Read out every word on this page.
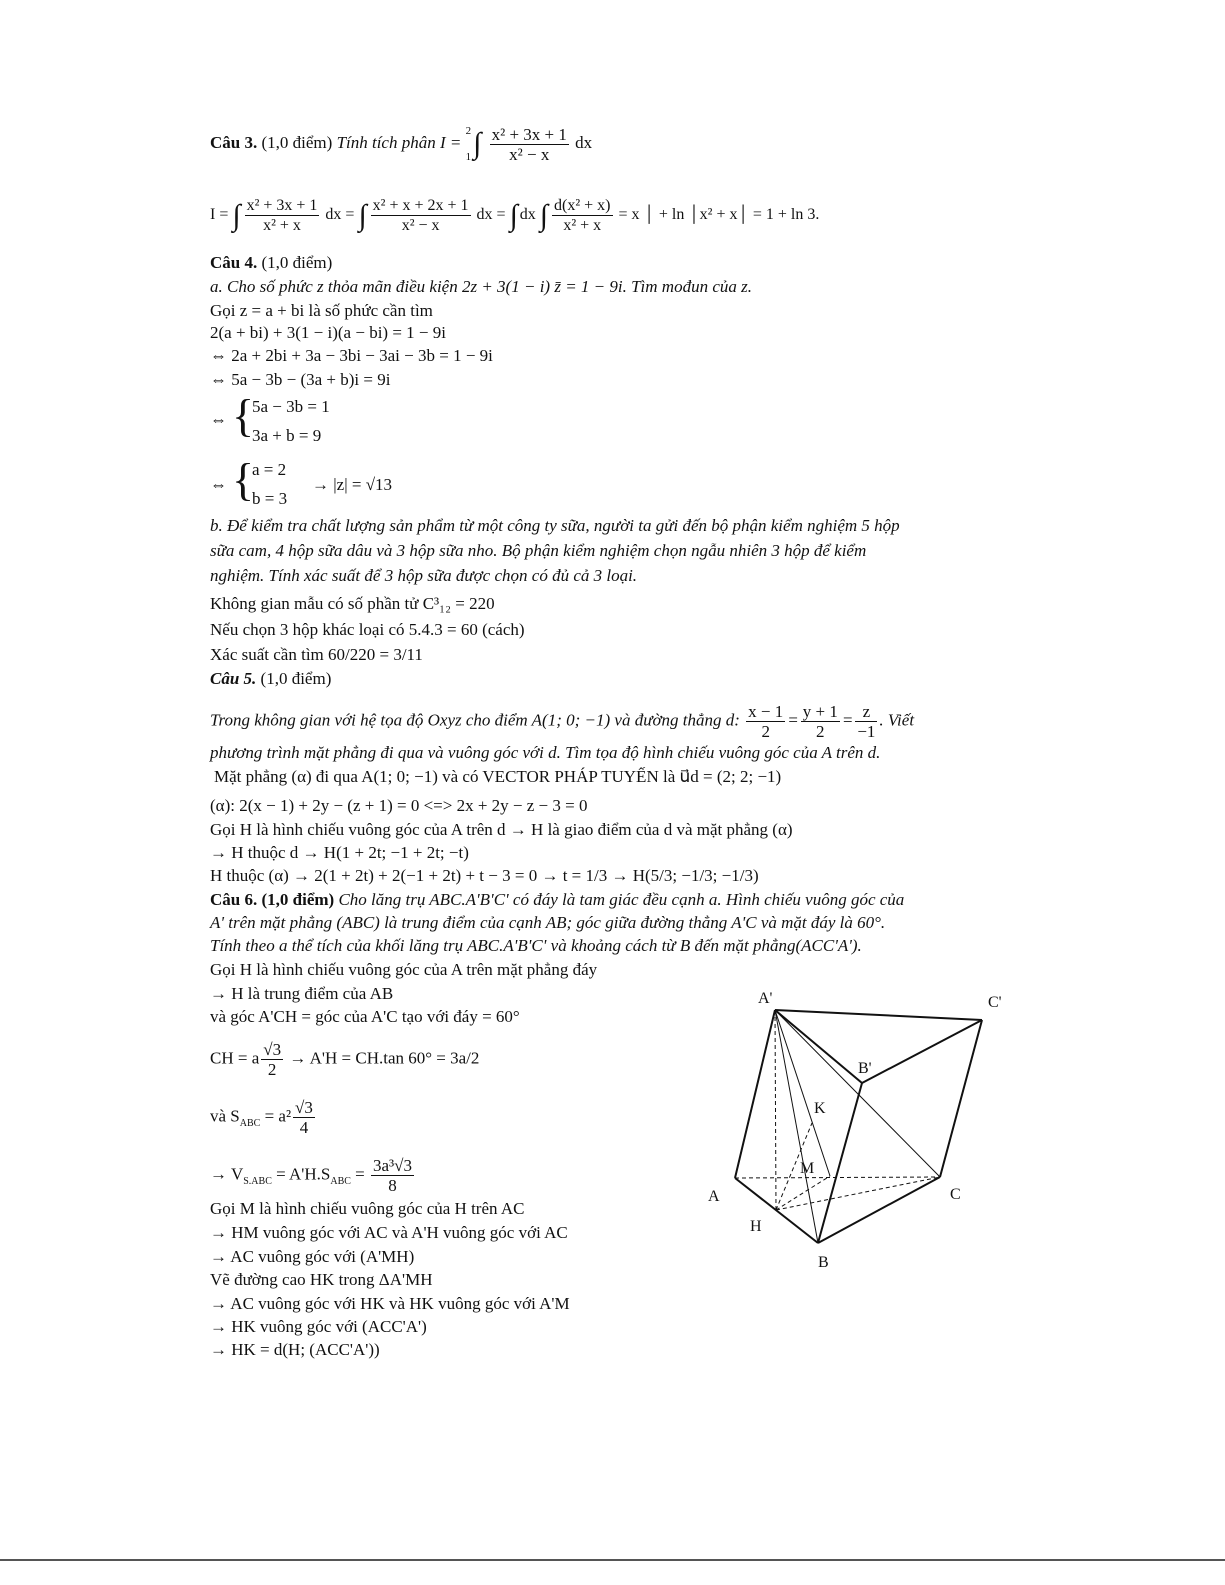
Câu 3. (1,0 điểm) Tính tích phân I =
2
1 ∫ $\frac{\text{x² + 3x + 1}}{\text{x² − x}}$ dx
I = ∫ $\frac{\text{x² + 3x + 1}}{\text{x² + x}}$ dx = ∫ $\frac{\text{x² + x + 2x + 1}}{\text{x² − x}}$ dx = ∫ dx ∫ $\frac{\text{d(x² + x)}}{\text{x² + x}} = x$ │ + ln │x² + x│ = 1 + ln 3.
Câu 4. (1,0 điểm)
a. Cho số phức z thỏa mãn điều kiện 2z + 3(1 − i) z̄ = 1 − 9i. Tìm mođun của z.
Gọi z = a + bi là số phức cần tìm
2(a + bi) + 3(1 − i)(a − bi) = 1 − 9i
⇔ 2a + 2bi + 3a − 3bi − 3ai − 3b = 1 − 9i
⇔ 5a − 3b − (3a + b)i = 9i
⇔ {
5a − 3b = 1
3a + b = 9
⇔ {
a = 2
b = 3
→ |z| = √13
b. Để kiểm tra chất lượng sản phẩm từ một công ty sữa, người ta gửi đến bộ phận kiểm nghiệm 5 hộp
sữa cam, 4 hộp sữa dâu và 3 hộp sữa nho. Bộ phận kiểm nghiệm chọn ngẫu nhiên 3 hộp để kiểm
nghiệm. Tính xác suất để 3 hộp sữa được chọn có đủ cả 3 loại.
Không gian mẫu có số phần tử C³₁₂ = 220
Nếu chọn 3 hộp khác loại có 5.4.3 = 60 (cách)
Xác suất cần tìm 60/220 = 3/11
Câu 5. (1,0 điểm)
Trong không gian với hệ tọa độ Oxyz cho điểm A(1; 0; −1) và đường thẳng d: $\frac{x - 1}{2} = \frac{y + 1}{2} = \frac{z}{-1}$ . Viết
phương trình mặt phẳng đi qua và vuông góc với d. Tìm tọa độ hình chiếu vuông góc của A trên d.
Mặt phẳng (α) đi qua A(1; 0; −1) và có VECTOR PHÁP TUYẾN là u⃗d = (2; 2; −1)
(α): 2(x − 1) + 2y − (z + 1) = 0 <=> 2x + 2y − z − 3 = 0
Gọi H là hình chiếu vuông góc của A trên d → H là giao điểm của d và mặt phẳng (α)
→ H thuộc d → H(1 + 2t; −1 + 2t; −t)
H thuộc (α) → 2(1 + 2t) + 2(−1 + 2t) + t − 3 = 0 → t = 1/3 → H(5/3; −1/3; −1/3)
Câu 6. (1,0 điểm) Cho lăng trụ ABC.A'B'C' có đáy là tam giác đều cạnh a. Hình chiếu vuông góc của
A' trên mặt phẳng (ABC) là trung điểm của cạnh AB; góc giữa đường thẳng A'C và mặt đáy là 60°.
Tính theo a thể tích của khối lăng trụ ABC.A'B'C' và khoảng cách từ B đến mặt phẳng(ACC'A').
Gọi H là hình chiếu vuông góc của A trên mặt phẳng đáy
→ H là trung điểm của AB
và góc A'CH = góc của A'C tạo với đáy = 60°
CH = a $\frac{√3}{2} \to A'H = CH.\tan$ 60° = 3a/2
và $S_{ABC} = a^2 \frac{√3}{4}$
→ $V_{S.ABC} = A'H.S_{ABC} = \frac{\text{3a³√3}}{8}$
Gọi M là hình chiếu vuông góc của H trên AC
→ HM vuông góc với AC và A'H vuông góc với AC
→ AC vuông góc với (A'MH)
Vẽ đường cao HK trong ΔA'MH
→ AC vuông góc với HK và HK vuông góc với A'M
→ HK vuông góc với (ACC'A')
→ HK = d(H; (ACC'A'))
A'	C'
B'
K
M
A	C
H
B
